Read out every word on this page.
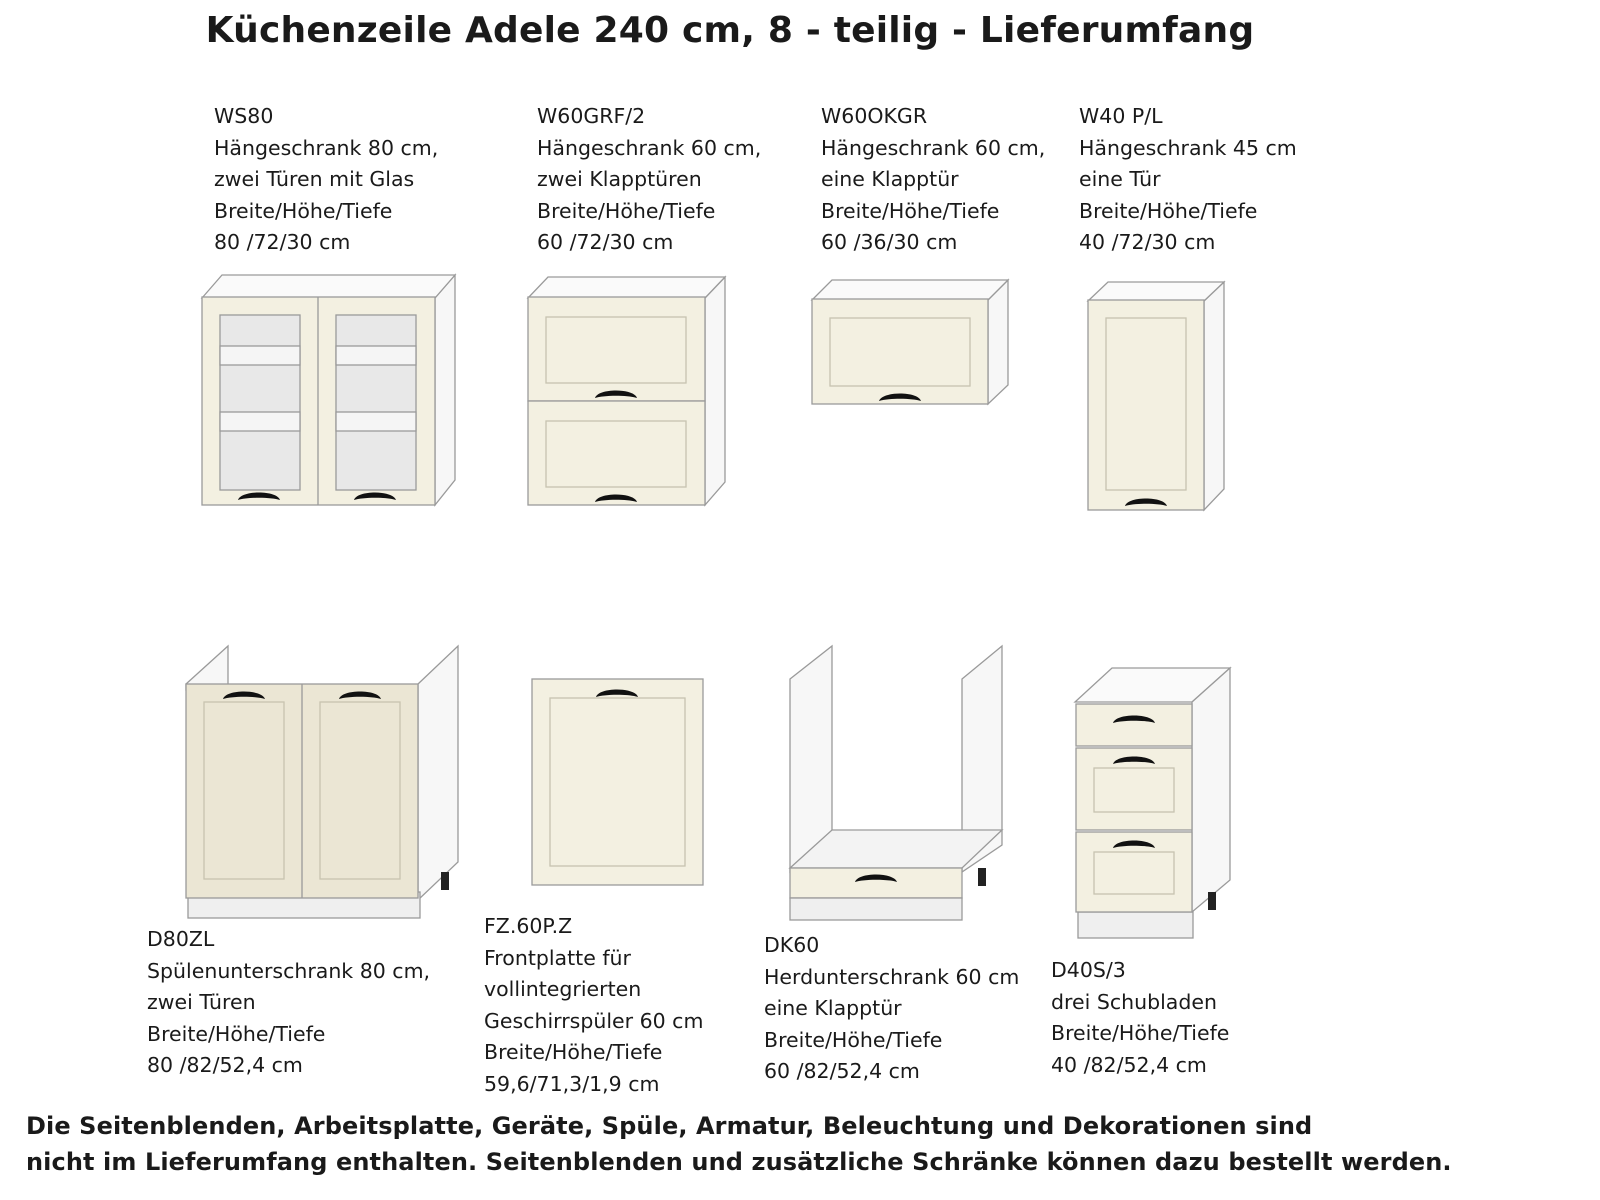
Küchenzeile Adele 240 cm, 8 - teilig - Lieferumfang
WS80
Hängeschrank 80 cm,
zwei Türen mit Glas
Breite/Höhe/Tiefe
80 /72/30 cm
W60GRF/2
Hängeschrank 60 cm,
zwei Klapptüren
Breite/Höhe/Tiefe
60 /72/30 cm
W60OKGR
Hängeschrank 60 cm,
eine Klapptür
Breite/Höhe/Tiefe
60 /36/30 cm
W40 P/L
Hängeschrank 45 cm
eine Tür
Breite/Höhe/Tiefe
40 /72/30 cm
D80ZL
Spülenunterschrank 80 cm,
zwei Türen
Breite/Höhe/Tiefe
80 /82/52,4 cm
FZ.60P.Z
Frontplatte für
vollintegrierten
Geschirrspüler 60 cm
Breite/Höhe/Tiefe
59,6/71,3/1,9 cm
DK60
Herdunterschrank 60 cm
eine Klapptür
Breite/Höhe/Tiefe
60 /82/52,4 cm
D40S/3
drei Schubladen
Breite/Höhe/Tiefe
40 /82/52,4 cm
Die Seitenblenden, Arbeitsplatte, Geräte, Spüle, Armatur, Beleuchtung und Dekorationen sind
nicht im Lieferumfang enthalten. Seitenblenden und zusätzliche Schränke können dazu bestellt werden.
